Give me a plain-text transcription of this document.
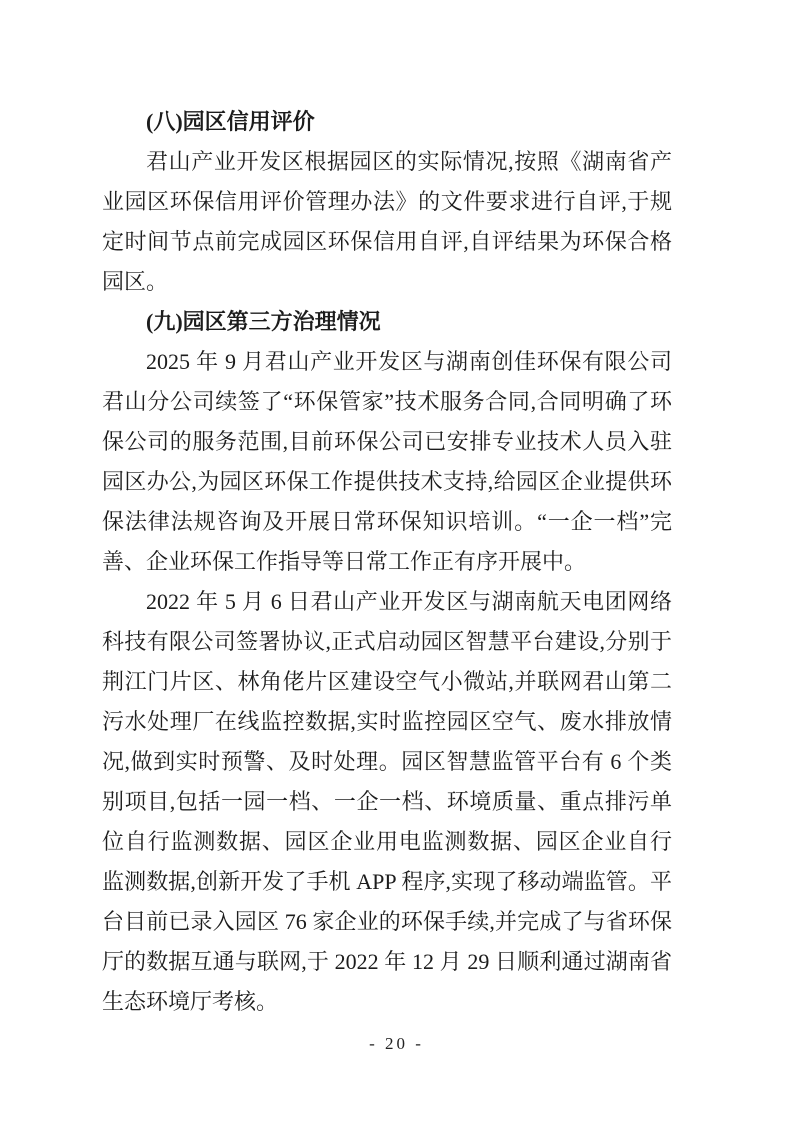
(八)园区信用评价
君山产业开发区根据园区的实际情况,按照《湖南省产业园区环保信用评价管理办法》的文件要求进行自评,于规定时间节点前完成园区环保信用自评,自评结果为环保合格园区。
(九)园区第三方治理情况
2025 年 9 月君山产业开发区与湖南创佳环保有限公司君山分公司续签了“环保管家”技术服务合同,合同明确了环保公司的服务范围,目前环保公司已安排专业技术人员入驻园区办公,为园区环保工作提供技术支持,给园区企业提供环保法律法规咨询及开展日常环保知识培训。“一企一档”完善、企业环保工作指导等日常工作正有序开展中。
2022 年 5 月 6 日君山产业开发区与湖南航天电团网络科技有限公司签署协议,正式启动园区智慧平台建设,分别于荆江门片区、林角佬片区建设空气小微站,并联网君山第二污水处理厂在线监控数据,实时监控园区空气、废水排放情况,做到实时预警、及时处理。园区智慧监管平台有 6 个类别项目,包括一园一档、一企一档、环境质量、重点排污单位自行监测数据、园区企业用电监测数据、园区企业自行监测数据,创新开发了手机 APP 程序,实现了移动端监管。平台目前已录入园区 76 家企业的环保手续,并完成了与省环保厅的数据互通与联网,于 2022 年 12 月 29 日顺利通过湖南省生态环境厅考核。
- 20 -
